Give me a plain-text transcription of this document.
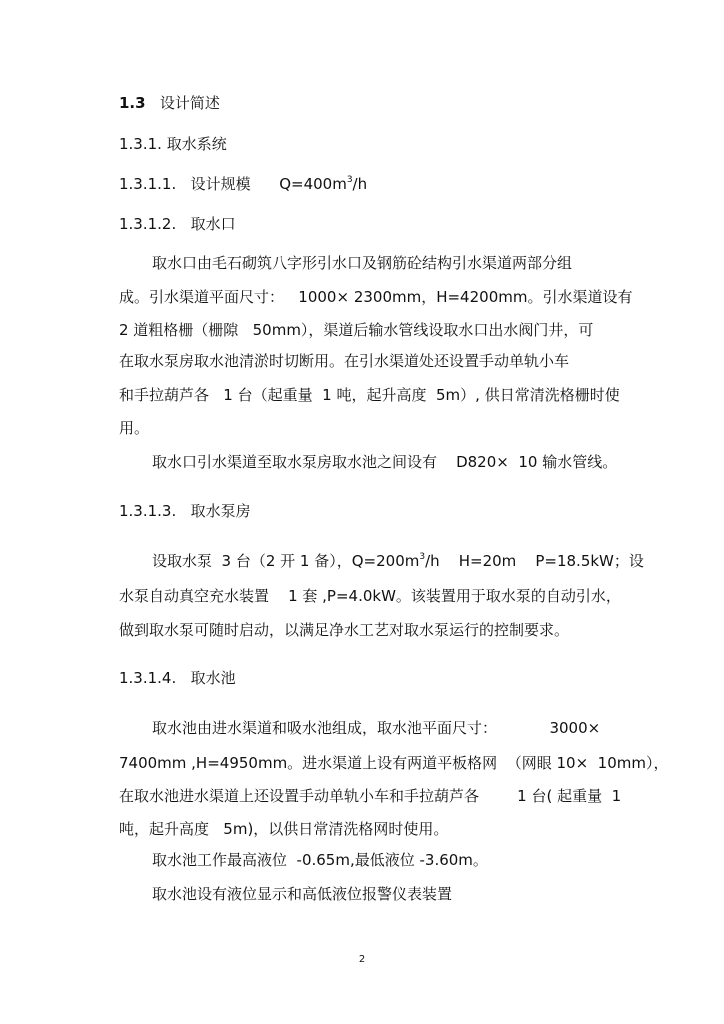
1.3 设计简述

1.3.1. 取水系统

1.3.1.1. 设计规模 $Q=400m^3/h$

1.3.1.2. 取水口

取水口由毛石砌筑八字形引水口及钢筋砼结构引水渠道两部分组

成。引水渠道平面尺寸：   1000× 2300mm，H=4200mm。引水渠道设有

2 道粗格栅（栅隙   50mm），渠道后输水管线设取水口出水阀门井，可

在取水泵房取水池清淤时切断用。在引水渠道处还设置手动单轨小车

和手拉葫芦各   1 台（起重量  1 吨，起升高度  5m）, 供日常清洗格栅时使

用。

取水口引水渠道至取水泵房取水池之间设有    D820×  10 输水管线。

1.3.1.3. 取水泵房

设取水泵  3 台（2 开 1 备），$Q=200m^3/h$    H=20m    P=18.5kW；设

水泵自动真空充水装置    1 套 ,P=4.0kW。该装置用于取水泵的自动引水，

做到取水泵可随时启动，以满足净水工艺对取水泵运行的控制要求。

1.3.1.4. 取水池

取水池由进水渠道和吸水池组成，取水池平面尺寸：           3000×

7400mm ,H=4950mm。进水渠道上设有两道平板格网  （网眼 10×  10mm），

在取水池进水渠道上还设置手动单轨小车和手拉葫芦各        1 台( 起重量  1

吨，起升高度   5m)，以供日常清洗格网时使用。

取水池工作最高液位  -0.65m,最低液位 -3.60m。

取水池设有液位显示和高低液位报警仪表装置

2
